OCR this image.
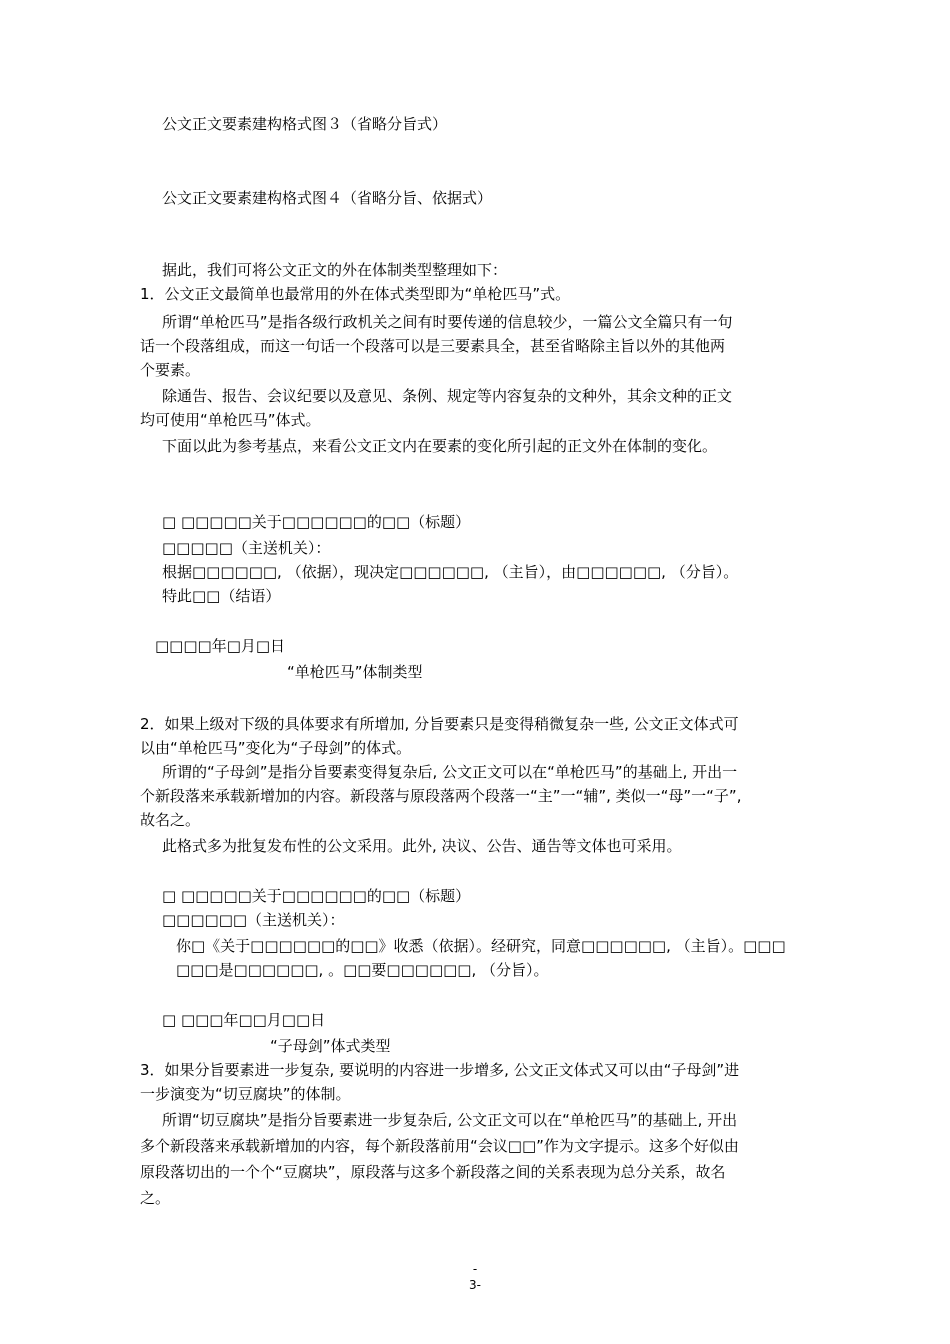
公文正文要素建构格式图３（省略分旨式）

公文正文要素建构格式图４（省略分旨、依据式）

据此，我们可将公文正文的外在体制类型整理如下：

1．公文正文最简单也最常用的外在体式类型即为“单枪匹马”式。

所谓“单枪匹马”是指各级行政机关之间有时要传递的信息较少，一篇公文全篇只有一句

话一个段落组成，而这一句话一个段落可以是三要素具全，甚至省略除主旨以外的其他两

个要素。

除通告、报告、会议纪要以及意见、条例、规定等内容复杂的文种外，其余文种的正文

均可使用“单枪匹马”体式。

下面以此为参考基点，来看公文正文内在要素的变化所引起的正文外在体制的变化。

□ □□□□□关于□□□□□□的□□（标题）

□□□□□（主送机关）：

根据□□□□□□, （依据），现决定□□□□□□, （主旨），由□□□□□□, （分旨）。

特此□□（结语）

□□□□年□月□日

“单枪匹马”体制类型

2．如果上级对下级的具体要求有所增加, 分旨要素只是变得稍微复杂一些, 公文正文体式可

以由“单枪匹马”变化为“子母剑”的体式。

所谓的“子母剑”是指分旨要素变得复杂后, 公文正文可以在“单枪匹马”的基础上, 开出一

个新段落来承载新增加的内容。新段落与原段落两个段落一“主”一“辅”, 类似一“母”一“子”,

故名之。

此格式多为批复发布性的公文采用。此外, 决议、公告、通告等文体也可采用。

□ □□□□□关于□□□□□□的□□（标题）

□□□□□□（主送机关）：

你□《关于□□□□□□的□□》收悉（依据）。经研究，同意□□□□□□, （主旨）。□□□

□□□是□□□□□□, 。□□要□□□□□□, （分旨）。

□ □□□年□□月□□日

“子母剑”体式类型

3．如果分旨要素进一步复杂, 要说明的内容进一步增多, 公文正文体式又可以由“子母剑”进

一步演变为“切豆腐块”的体制。

所谓“切豆腐块”是指分旨要素进一步复杂后, 公文正文可以在“单枪匹马”的基础上, 开出

多个新段落来承载新增加的内容，每个新段落前用“会议□□”作为文字提示。这多个好似由

原段落切出的一个个“豆腐块”，原段落与这多个新段落之间的关系表现为总分关系，故名

之。

-
3-
